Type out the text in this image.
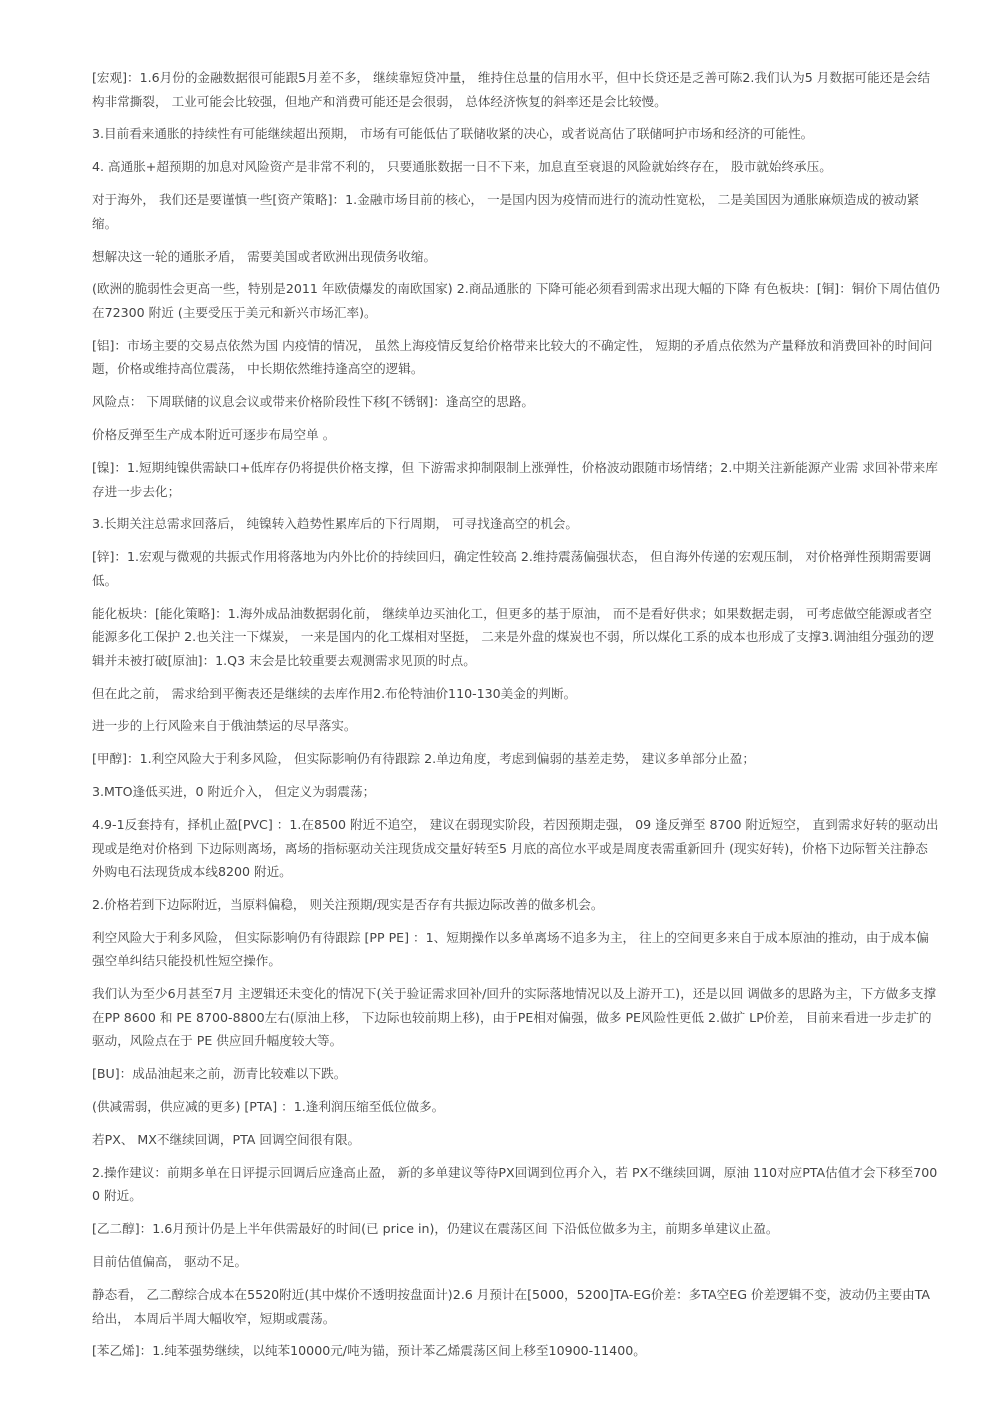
[宏观]：1.6月份的金融数据很可能跟5月差不多， 继续靠短贷冲量， 维持住总量的信用水平，但中长贷还是乏善可陈2.我们认为5 月数据可能还是会结构非常撕裂， 工业可能会比较强，但地产和消费可能还是会很弱， 总体经济恢复的斜率还是会比较慢。

3.目前看来通胀的持续性有可能继续超出预期， 市场有可能低估了联储收紧的决心，或者说高估了联储呵护市场和经济的可能性。

4. 高通胀+超预期的加息对风险资产是非常不利的， 只要通胀数据一日不下来，加息直至衰退的风险就始终存在， 股市就始终承压。

对于海外， 我们还是要谨慎一些[资产策略]：1.金融市场目前的核心， 一是国内因为疫情而进行的流动性宽松， 二是美国因为通胀麻烦造成的被动紧缩。

想解决这一轮的通胀矛盾， 需要美国或者欧洲出现债务收缩。

(欧洲的脆弱性会更高一些，特别是2011 年欧债爆发的南欧国家) 2.商品通胀的 下降可能必须看到需求出现大幅的下降 有色板块：[铜]：铜价下周估值仍在72300 附近 (主要受压于美元和新兴市场汇率)。

[铝]：市场主要的交易点依然为国 内疫情的情况， 虽然上海疫情反复给价格带来比较大的不确定性， 短期的矛盾点依然为产量释放和消费回补的时间问题，价格或维持高位震荡， 中长期依然维持逢高空的逻辑。

风险点： 下周联储的议息会议或带来价格阶段性下移[不锈钢]：逢高空的思路。

价格反弹至生产成本附近可逐步布局空单 。

[镍]：1.短期纯镍供需缺口+低库存仍将提供价格支撑，但 下游需求抑制限制上涨弹性，价格波动跟随市场情绪；2.中期关注新能源产业需 求回补带来库存进一步去化；

3.长期关注总需求回落后， 纯镍转入趋势性累库后的下行周期， 可寻找逢高空的机会。

[锌]：1.宏观与微观的共振式作用将落地为内外比价的持续回归，确定性较高 2.维持震荡偏强状态， 但自海外传递的宏观压制， 对价格弹性预期需要调低。

能化板块：[能化策略]：1.海外成品油数据弱化前， 继续单边买油化工，但更多的基于原油， 而不是看好供求；如果数据走弱， 可考虑做空能源或者空能源多化工保护 2.也关注一下煤炭， 一来是国内的化工煤相对坚挺， 二来是外盘的煤炭也不弱，所以煤化工系的成本也形成了支撑3.调油组分强劲的逻辑并未被打破[原油]：1.Q3 末会是比较重要去观测需求见顶的时点。

但在此之前， 需求给到平衡表还是继续的去库作用2.布伦特油价110-130美金的判断。

进一步的上行风险来自于俄油禁运的尽早落实。

[甲醇]：1.利空风险大于利多风险， 但实际影响仍有待跟踪 2.单边角度，考虑到偏弱的基差走势， 建议多单部分止盈；

3.MTO逢低买进，0 附近介入， 但定义为弱震荡；

4.9-1反套持有，择机止盈[PVC] ：1.在8500 附近不追空， 建议在弱现实阶段，若因预期走强， 09 逢反弹至 8700 附近短空， 直到需求好转的驱动出现或是绝对价格到 下边际则离场，离场的指标驱动关注现货成交量好转至5 月底的高位水平或是周度表需重新回升 (现实好转)，价格下边际暂关注静态外购电石法现货成本线8200 附近。

2.价格若到下边际附近，当原料偏稳， 则关注预期/现实是否存有共振边际改善的做多机会。

利空风险大于利多风险， 但实际影响仍有待跟踪 [PP PE] ：1、短期操作以多单离场不追多为主， 往上的空间更多来自于成本原油的推动，由于成本偏强空单纠结只能投机性短空操作。

我们认为至少6月甚至7月 主逻辑还未变化的情况下(关于验证需求回补/回升的实际落地情况以及上游开工)，还是以回 调做多的思路为主，下方做多支撑在PP 8600 和 PE 8700-8800左右(原油上移， 下边际也较前期上移)，由于PE相对偏强，做多 PE风险性更低 2.做扩 LP价差， 目前来看进一步走扩的驱动，风险点在于 PE 供应回升幅度较大等。

[BU]：成品油起来之前，沥青比较难以下跌。

(供减需弱，供应减的更多) [PTA] ：1.逢利润压缩至低位做多。

若PX、 MX不继续回调，PTA 回调空间很有限。

2.操作建议：前期多单在日评提示回调后应逢高止盈， 新的多单建议等待PX回调到位再介入，若 PX不继续回调，原油 110对应PTA估值才会下移至7000 附近。

[乙二醇]：1.6月预计仍是上半年供需最好的时间(已 price in)，仍建议在震荡区间 下沿低位做多为主，前期多单建议止盈。

目前估值偏高， 驱动不足。

静态看， 乙二醇综合成本在5520附近(其中煤价不透明按盘面计)2.6 月预计在[5000，5200]TA-EG价差：多TA空EG 价差逻辑不变，波动仍主要由TA给出， 本周后半周大幅收窄，短期或震荡。

[苯乙烯]：1.纯苯强势继续，以纯苯10000元/吨为锚，预计苯乙烯震荡区间上移至10900-11400。
